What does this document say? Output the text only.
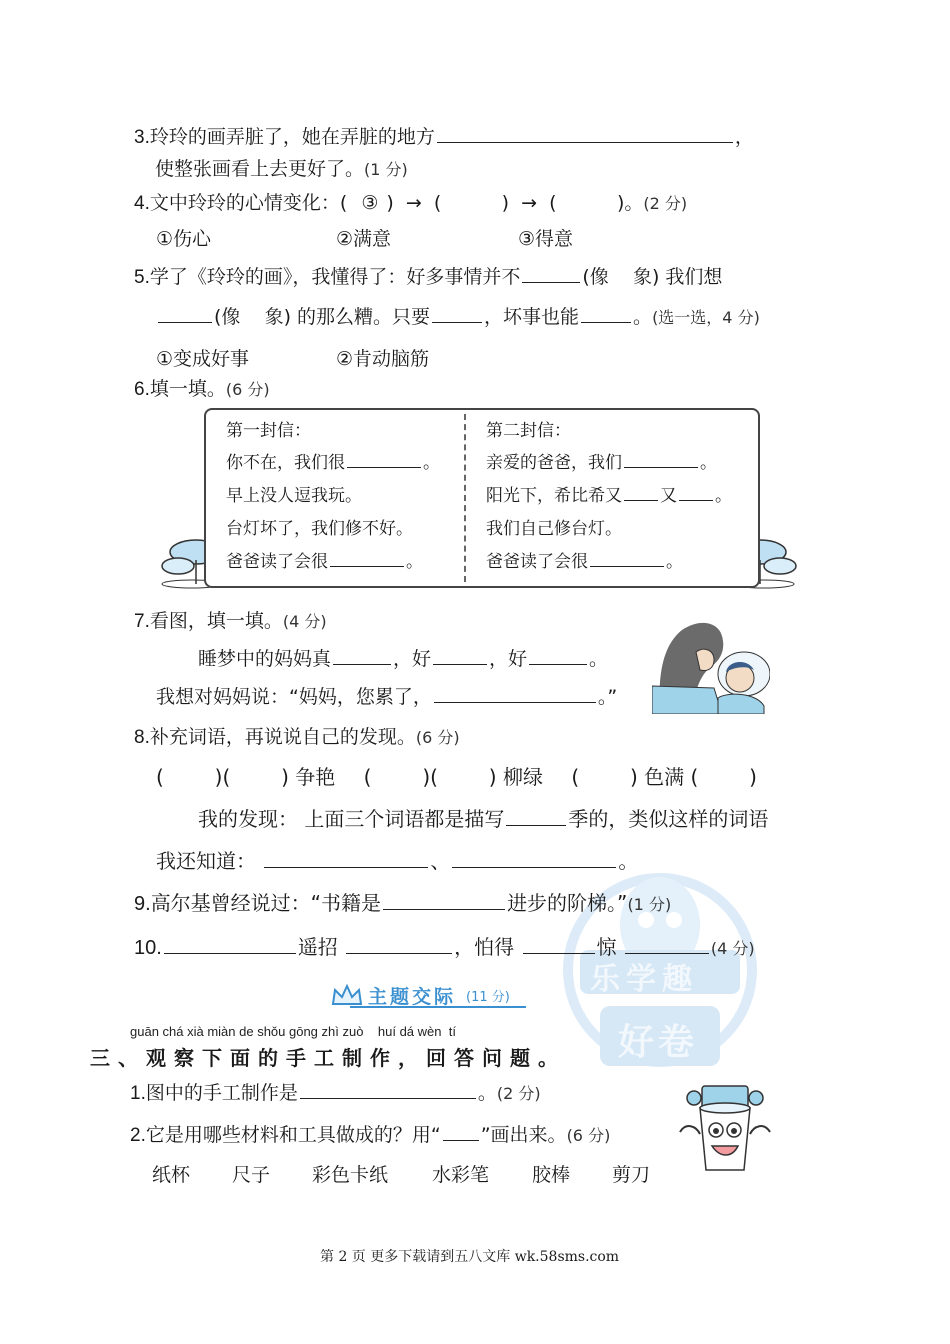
乐学趣
好卷
3.玲玲的画弄脏了，她在弄脏的地方	，
使整张画看上去更好了。(1 分)
4.文中玲玲的心情变化：( ③ )  →  (          )  →  (          )。(2 分)
①伤心	②满意	③得意
5.学了《玲玲的画》，我懂得了：好多事情并不	(像    象) 我们想
(像    象) 的那么糟。只要	，坏事也能	。(选一选，4 分)
①变成好事	②肯动脑筋
6.填一填。(6 分)
第一封信：
你不在，我们很	。
早上没人逗我玩。
台灯坏了，我们修不好。
爸爸读了会很	。
第二封信：
亲爱的爸爸，我们	。
阳光下，希比希又 又 。
我们自己修台灯。
爸爸读了会很	。
7.看图，填一填。(4 分)
睡梦中的妈妈真	，好	，好	。
我想对妈妈说：“妈妈，您累了，	。”
8.补充词语，再说说自己的发现。(6 分)
(        )(        ) 争艳 (        )(        ) 柳绿 (        ) 色满 (        )
我的发现： 上面三个词语都是描写	季的，类似这样的词语
我还知道：	、	。
9.高尔基曾经说过：“书籍是	进步的阶梯。”(1 分)
10.	遥招	，怕得	惊	(4 分)
主题交际 (11 分)
guān chá xià miàn de shǒu gōng zhì zuò    huí dá wèn  tí
三、观察下面的手工制作，回答问题。
1.图中的手工制作是	。(2 分)
2.它是用哪些材料和工具做成的？用“ ”画出来。(6 分)
纸杯 尺子 彩色卡纸 水彩笔 胶棒 剪刀
第 2 页 更多下载请到五八文库 wk.58sms.com
